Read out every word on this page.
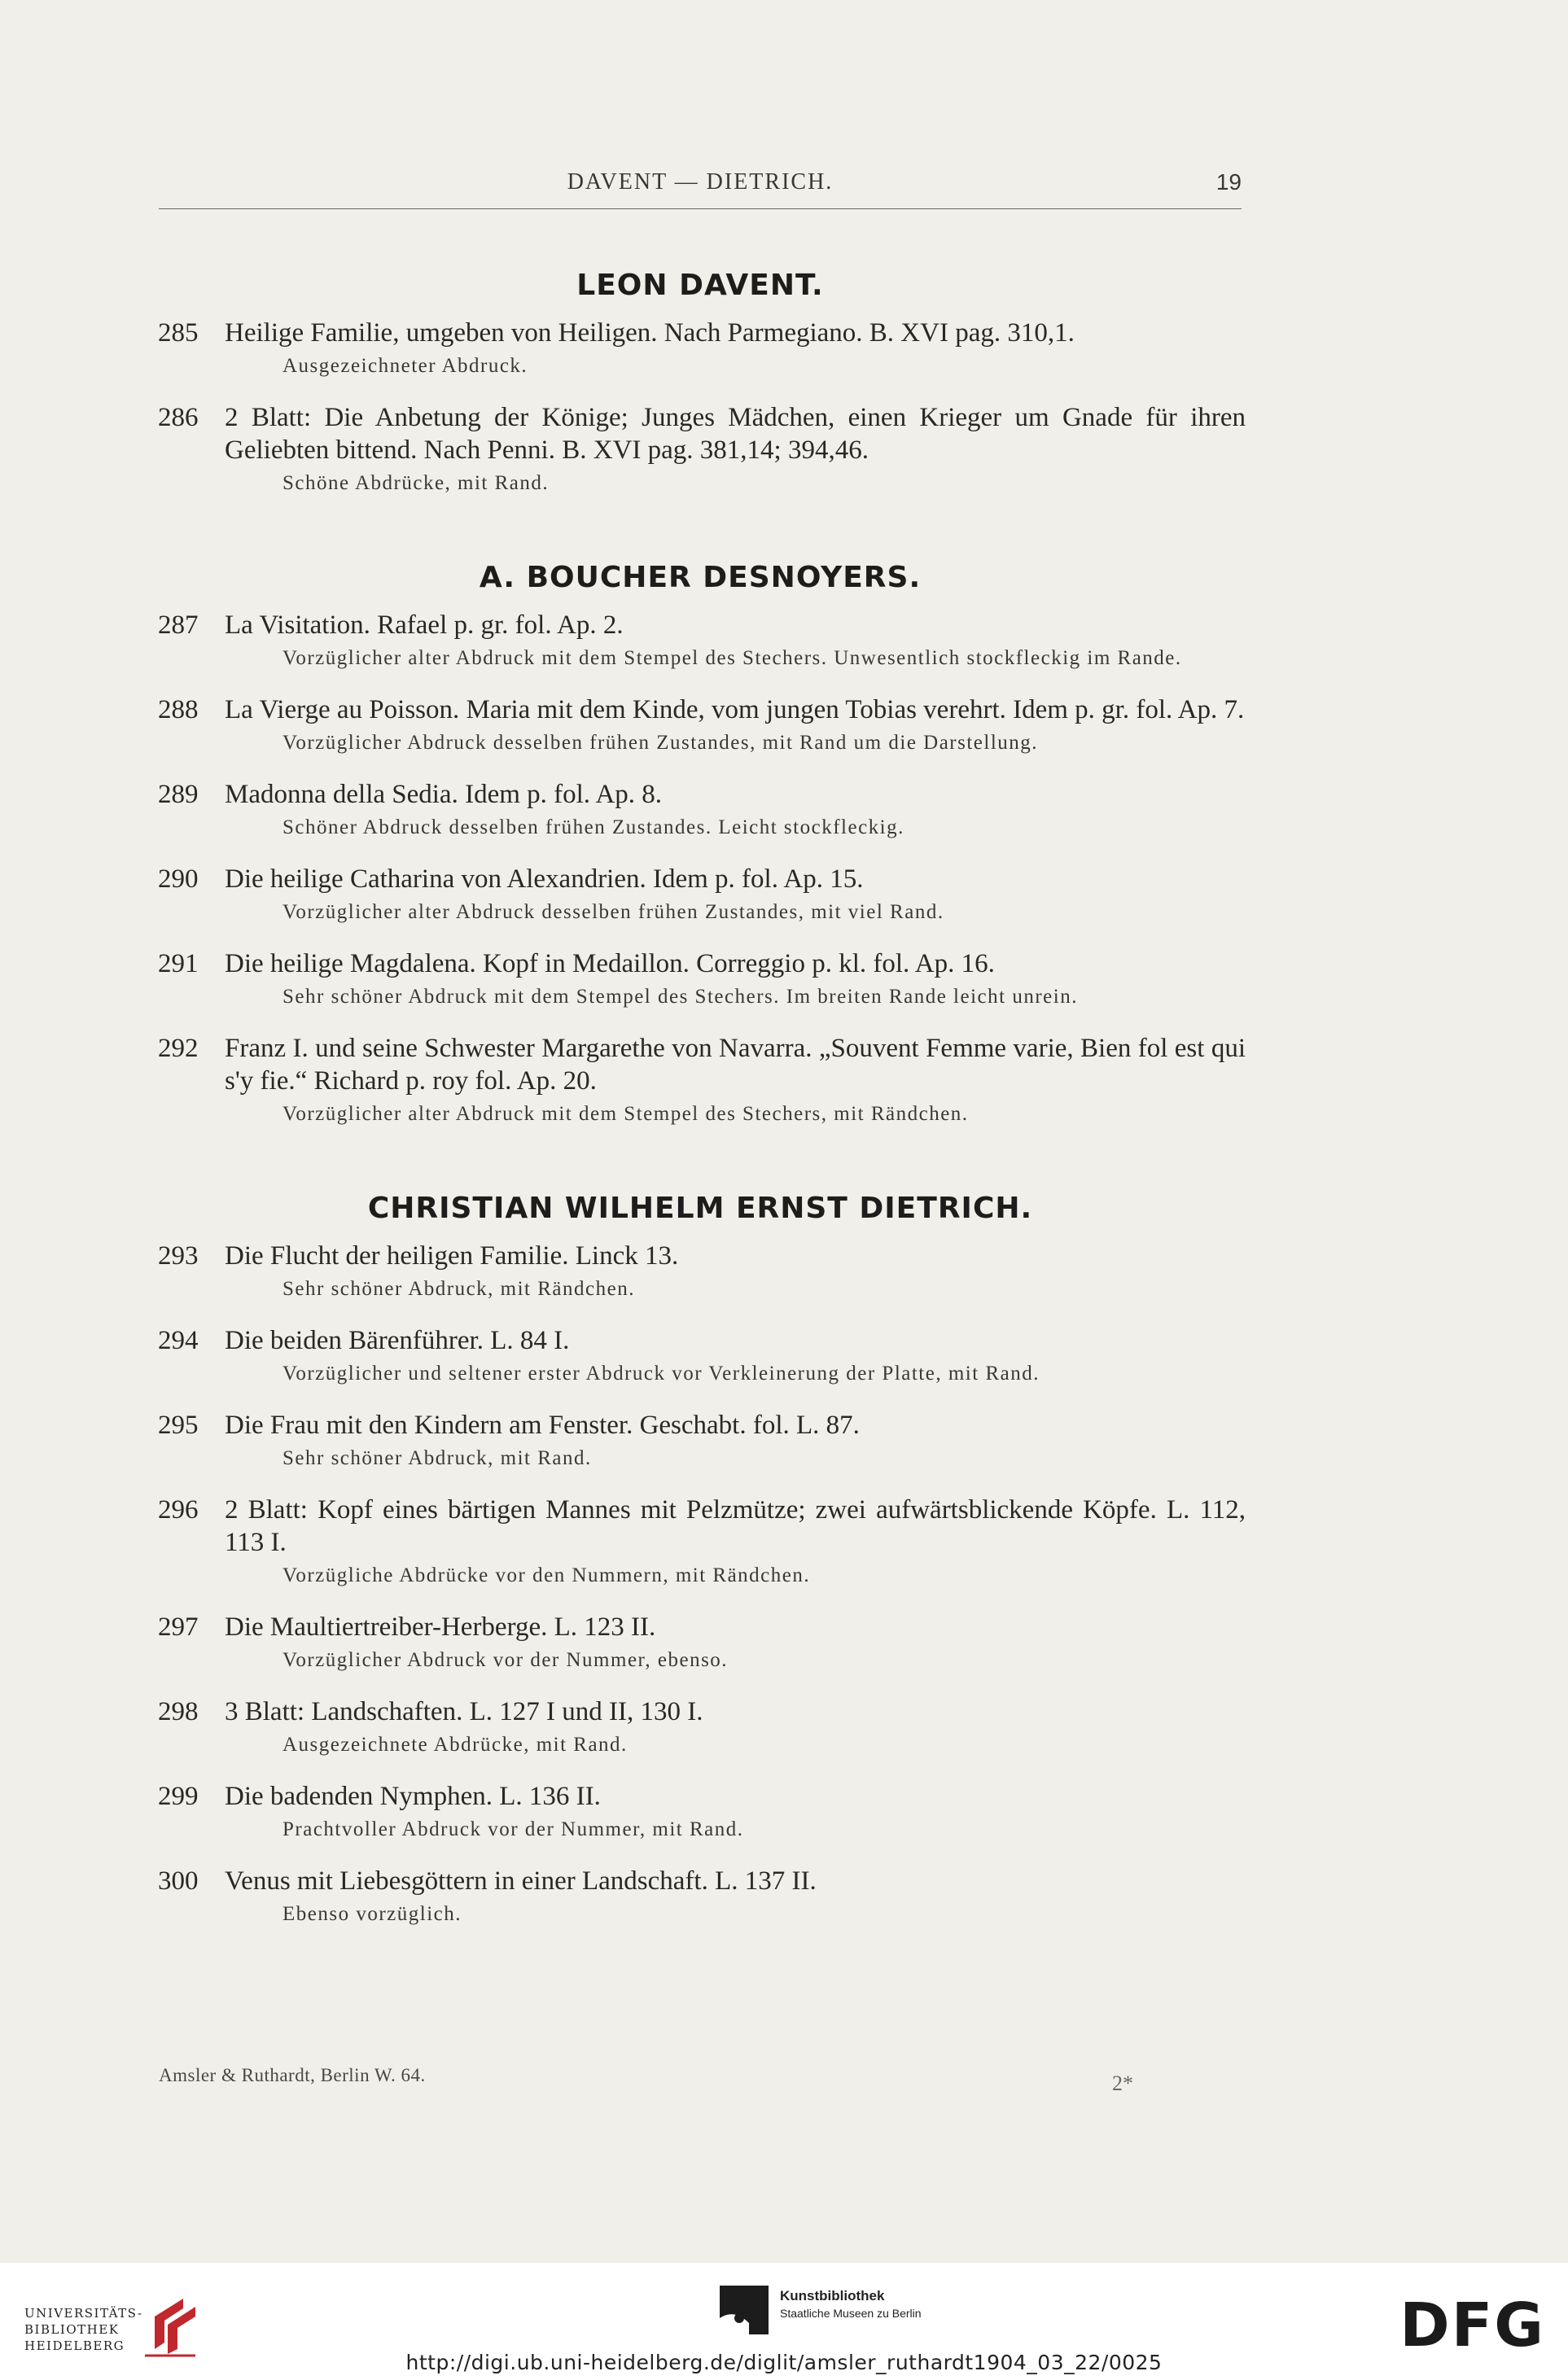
DAVENT — DIETRICH.	19
LEON DAVENT.
285 Heilige Familie, umgeben von Heiligen. Nach Parmegiano. B. XVI pag. 310,1.
Ausgezeichneter Abdruck.
286 2 Blatt: Die Anbetung der Könige; Junges Mädchen, einen Krieger um Gnade für ihren Geliebten bittend. Nach Penni. B. XVI pag. 381,14; 394,46.
Schöne Abdrücke, mit Rand.
A. BOUCHER DESNOYERS.
287 La Visitation. Rafael p. gr. fol. Ap. 2.
Vorzüglicher alter Abdruck mit dem Stempel des Stechers. Unwesentlich stockfleckig im Rande.
288 La Vierge au Poisson. Maria mit dem Kinde, vom jungen Tobias verehrt. Idem p. gr. fol. Ap. 7.
Vorzüglicher Abdruck desselben frühen Zustandes, mit Rand um die Darstellung.
289 Madonna della Sedia. Idem p. fol. Ap. 8.
Schöner Abdruck desselben frühen Zustandes. Leicht stockfleckig.
290 Die heilige Catharina von Alexandrien. Idem p. fol. Ap. 15.
Vorzüglicher alter Abdruck desselben frühen Zustandes, mit viel Rand.
291 Die heilige Magdalena. Kopf in Medaillon. Correggio p. kl. fol. Ap. 16.
Sehr schöner Abdruck mit dem Stempel des Stechers. Im breiten Rande leicht unrein.
292 Franz I. und seine Schwester Margarethe von Navarra. „Souvent Femme varie, Bien fol est qui s'y fie.“ Richard p. roy fol. Ap. 20.
Vorzüglicher alter Abdruck mit dem Stempel des Stechers, mit Rändchen.
CHRISTIAN WILHELM ERNST DIETRICH.
293 Die Flucht der heiligen Familie. Linck 13.
Sehr schöner Abdruck, mit Rändchen.
294 Die beiden Bärenführer. L. 84 I.
Vorzüglicher und seltener erster Abdruck vor Verkleinerung der Platte, mit Rand.
295 Die Frau mit den Kindern am Fenster. Geschabt. fol. L. 87.
Sehr schöner Abdruck, mit Rand.
296 2 Blatt: Kopf eines bärtigen Mannes mit Pelzmütze; zwei aufwärtsblickende Köpfe. L. 112, 113 I.
Vorzügliche Abdrücke vor den Nummern, mit Rändchen.
297 Die Maultiertreiber-Herberge. L. 123 II.
Vorzüglicher Abdruck vor der Nummer, ebenso.
298 3 Blatt: Landschaften. L. 127 I und II, 130 I.
Ausgezeichnete Abdrücke, mit Rand.
299 Die badenden Nymphen. L. 136 II.
Prachtvoller Abdruck vor der Nummer, mit Rand.
300 Venus mit Liebesgöttern in einer Landschaft. L. 137 II.
Ebenso vorzüglich.
Amsler & Ruthardt, Berlin W. 64.	2*
UNIVERSITÄTS-
BIBLIOTHEK
HEIDELBERG
Kunstbibliothek
Staatliche Museen zu Berlin	DFG
http://digi.ub.uni-heidelberg.de/diglit/amsler_ruthardt1904_03_22/0025
